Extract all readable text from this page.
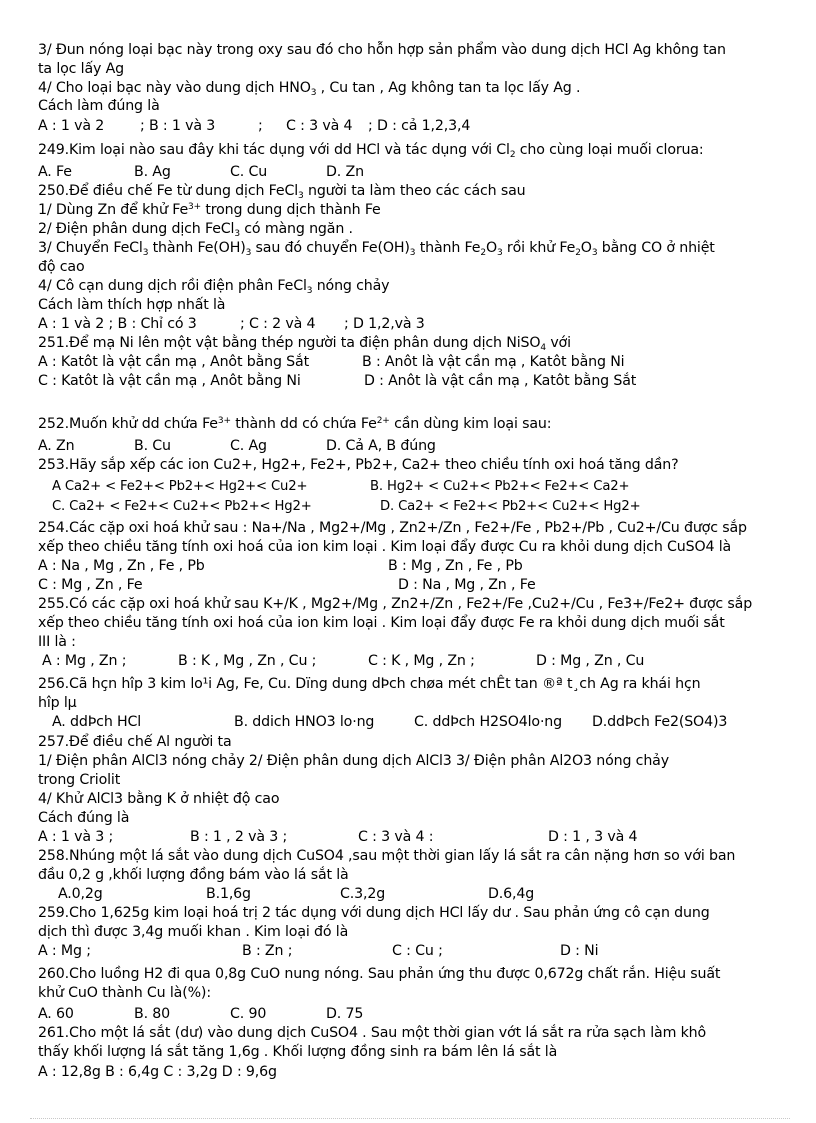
3/ Đun nóng loại bạc này trong oxy sau đó cho hỗn hợp sản phẩm vào dung dịch HCl Ag không tan
ta lọc lấy Ag
4/ Cho loại bạc này vào dung dịch $HNO_3$ , Cu tan , Ag không tan ta lọc lấy Ag .
Cách làm đúng là
A : 1 và 2	; B : 1 và 3	; C : 3 và 4 ; D : cả 1,2,3,4
249.Kim loại nào sau đây khi tác dụng với dd HCl và tác dụng với $Cl_2$ cho cùng loại muối clorua:
A. Fe	B. Ag	C. Cu	D. Zn
250.Để điều chế Fe từ dung dịch FeCl$_3$ người ta làm theo các cách sau
1/ Dùng Zn để khử $Fe^{3+}$ trong dung dịch thành Fe
2/ Điện phân dung dịch FeCl$_3$ có màng ngăn .
3/ Chuyển FeCl$_3$ thành $Fe(OH)_3$ sau đó chuyển $Fe(OH)_3$ thành $Fe_2O_3$ rồi khử $Fe_2O_3$ bằng CO ở nhiệt
độ cao
4/ Cô cạn dung dịch rồi điện phân FeCl$_3$ nóng chảy
Cách làm thích hợp nhất là
A : 1 và 2 ; B : Chỉ có 3	; C : 2 và 4 ; D 1,2,và 3
251.Để mạ Ni lên một vật bằng thép người ta điện phân dung dịch NiSO$_4$ với
A : Katôt là vật cần mạ , Anôt bằng Sắt	B : Anôt là vật cần mạ , Katôt bằng Ni
C : Katôt là vật cần mạ , Anôt bằng Ni	D : Anôt là vật cần mạ , Katôt bằng Sắt
252.Muốn khử dd chứa $Fe^{3+}$ thành dd có chứa $Fe^{2+}$ cần dùng kim loại sau:
A. Zn	B. Cu	C. Ag	D. Cả A, B đúng
253.Hãy sắp xếp các ion Cu2+, Hg2+, Fe2+, Pb2+, Ca2+ theo chiều tính oxi hoá tăng dần?
A Ca2+ < Fe2+< Pb2+< Hg2+< Cu2+	B. Hg2+ < Cu2+< Pb2+< Fe2+< Ca2+
C. Ca2+ < Fe2+< Cu2+< Pb2+< Hg2+	D. Ca2+ < Fe2+< Pb2+< Cu2+< Hg2+
254.Các cặp oxi hoá khử sau : Na+/Na , Mg2+/Mg , Zn2+/Zn , Fe2+/Fe , Pb2+/Pb , Cu2+/Cu được sắp
xếp theo chiều tăng tính oxi hoá của ion kim loại . Kim loại đẩy được Cu ra khỏi dung dịch CuSO4 là
A : Na , Mg , Zn , Fe , Pb	B : Mg , Zn , Fe , Pb
C : Mg , Zn , Fe	D : Na , Mg , Zn , Fe
255.Có các cặp oxi hoá khử sau K+/K , Mg2+/Mg , Zn2+/Zn , Fe2+/Fe ,Cu2+/Cu , Fe3+/Fe2+ được sắp
xếp theo chiều tăng tính oxi hoá của ion kim loại . Kim loại đẩy được Fe ra khỏi dung dịch muối sắt
III là :
A : Mg , Zn ;	B : K , Mg , Zn , Cu ;	C : K , Mg , Zn ;	D : Mg , Zn , Cu
256.Cã hçn hîp 3 kim lo¹i Ag, Fe, Cu. Dïng dung dÞch chøa mét chÊt tan ®ª t¸ch Ag ra khái hçn
hîp lµ
A. ddÞch HCl	B. ddich HNO3 lo·ng	C. ddÞch H2SO4lo·ng D.ddÞch Fe2(SO4)3
257.Để điều chế Al người ta
1/ Điện phân AlCl3 nóng chảy 2/ Điện phân dung dịch AlCl3 3/ Điện phân Al2O3 nóng chảy
trong Criolit
4/ Khử AlCl3 bằng K ở nhiệt độ cao
Cách đúng là
A : 1 và 3 ;	B : 1 , 2 và 3 ;	C : 3 và 4 :	D : 1 , 3 và 4
258.Nhúng một lá sắt vào dung dịch CuSO4 ,sau một thời gian lấy lá sắt ra cân nặng hơn so với ban
đầu 0,2 g ,khối lượng đồng bám vào lá sắt là
A.0,2g	B.1,6g	C.3,2g	D.6,4g
259.Cho 1,625g kim loại hoá trị 2 tác dụng với dung dịch HCl lấy dư . Sau phản ứng cô cạn dung
dịch thì được 3,4g muối khan . Kim loại đó là
A : Mg ;	B : Zn ;	C : Cu ;	D : Ni
260.Cho luồng H2 đi qua 0,8g CuO nung nóng. Sau phản ứng thu được 0,672g chất rắn. Hiệu suất
khử CuO thành Cu là(%):
A. 60	B. 80	C. 90	D. 75
261.Cho một lá sắt (dư) vào dung dịch CuSO4 . Sau một thời gian vớt lá sắt ra rửa sạch làm khô
thấy khối lượng lá sắt tăng 1,6g . Khối lượng đồng sinh ra bám lên lá sắt là
A : 12,8g B : 6,4g C : 3,2g D : 9,6g
